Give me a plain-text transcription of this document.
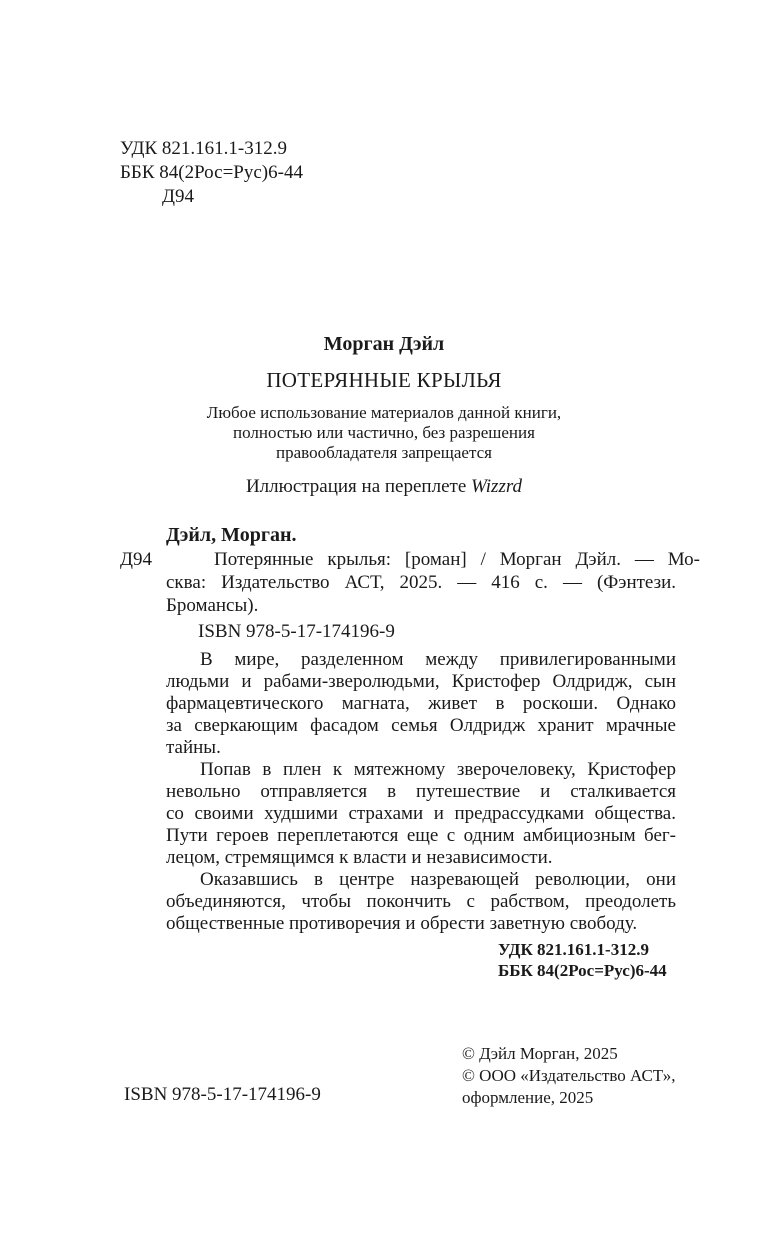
УДК 821.161.1-312.9
ББК 84(2Рос=Рус)6-44
Д94
Морган Дэйл
ПОТЕРЯННЫЕ КРЫЛЬЯ
Любое использование материалов данной книги,
полностью или частично, без разрешения
правообладателя запрещается
Иллюстрация на переплете Wizzrd
Дэйл, Морган.
Д94	Потерянные крылья: [роман] / Морган Дэйл. — Мо-
сква: Издательство АСТ, 2025. — 416 с. — (Фэнтези.
Бромансы).
ISBN 978-5-17-174196-9
В мире, разделенном между привилегированными
людьми и рабами-зверолюдьми, Кристофер Олдридж, сын
фармацевтического магната, живет в роскоши. Однако
за сверкающим фасадом семья Олдридж хранит мрачные
тайны.
Попав в плен к мятежному зверочеловеку, Кристофер
невольно отправляется в путешествие и сталкивается
со своими худшими страхами и предрассудками общества.
Пути героев переплетаются еще с одним амбициозным бег-
лецом, стремящимся к власти и независимости.
Оказавшись в центре назревающей революции, они
объединяются, чтобы покончить с рабством, преодолеть
общественные противоречия и обрести заветную свободу.
УДК 821.161.1-312.9
ББК 84(2Рос=Рус)6-44
ISBN 978-5-17-174196-9
© Дэйл Морган, 2025
© ООО «Издательство АСТ»,
оформление, 2025
